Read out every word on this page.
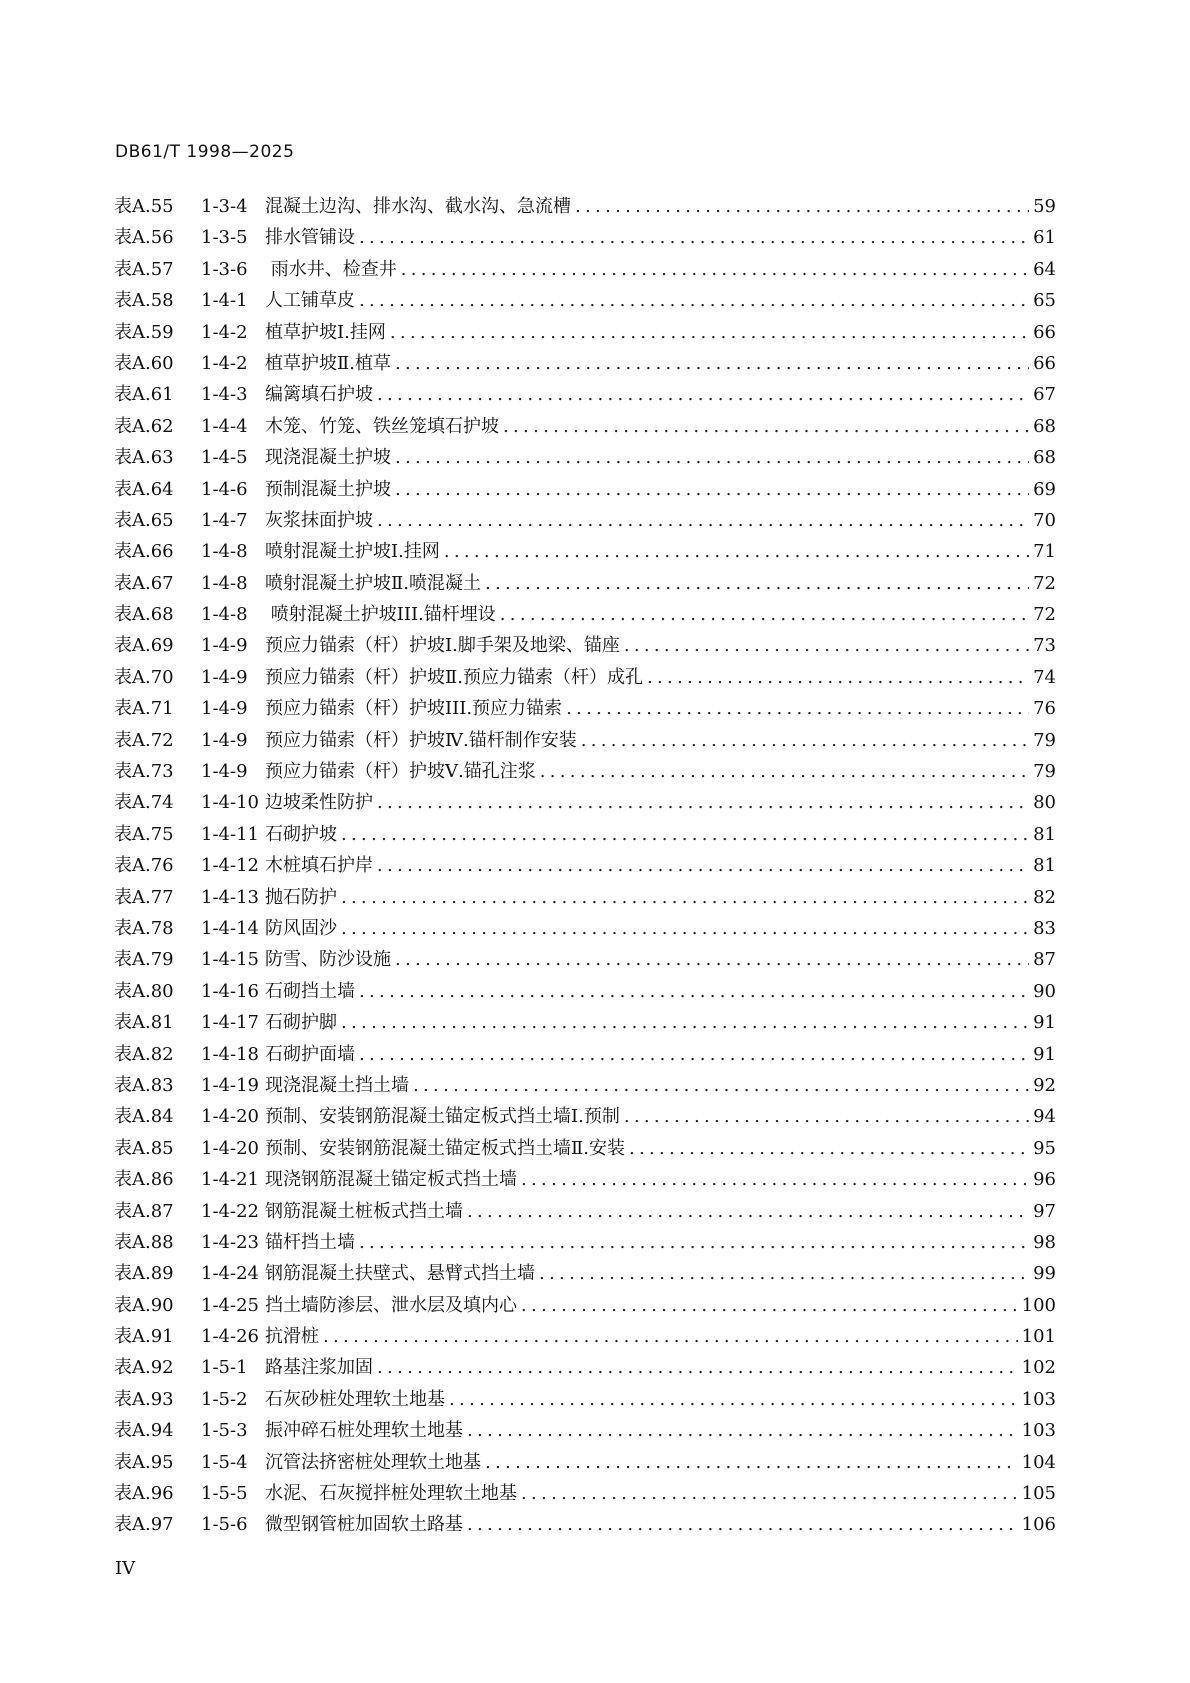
DB61/T 1998—2025
表A.55	1-3-4 混凝土边沟、排水沟、截水沟、急流槽 .....	59
表A.56	1-3-5 排水管铺设 .....	61
表A.57	1-3-6 雨水井、检查井 .....	64
表A.58	1-4-1 人工铺草皮 .....	65
表A.59	1-4-2 植草护坡Ⅰ.挂网 .....	66
表A.60	1-4-2 植草护坡Ⅱ.植草 .....	66
表A.61	1-4-3 编篱填石护坡 .....	67
表A.62	1-4-4 木笼、竹笼、铁丝笼填石护坡 .....	68
表A.63	1-4-5 现浇混凝土护坡 .....	68
表A.64	1-4-6 预制混凝土护坡 .....	69
表A.65	1-4-7 灰浆抹面护坡 .....	70
表A.66	1-4-8 喷射混凝土护坡Ⅰ.挂网 .....	71
表A.67	1-4-8 喷射混凝土护坡Ⅱ.喷混凝土 .....	72
表A.68	1-4-8 喷射混凝土护坡III.锚杆埋设 .....	72
表A.69	1-4-9 预应力锚索（杆）护坡Ⅰ.脚手架及地梁、锚座 .....	73
表A.70	1-4-9 预应力锚索（杆）护坡Ⅱ.预应力锚索（杆）成孔 .....	74
表A.71	1-4-9 预应力锚索（杆）护坡III.预应力锚索 .....	76
表A.72	1-4-9 预应力锚索（杆）护坡Ⅳ.锚杆制作安装 .....	79
表A.73	1-4-9 预应力锚索（杆）护坡Ⅴ.锚孔注浆 .....	79
表A.74	1-4-10 边坡柔性防护 .....	80
表A.75	1-4-11 石砌护坡 .....	81
表A.76	1-4-12 木桩填石护岸 .....	81
表A.77	1-4-13 抛石防护 .....	82
表A.78	1-4-14 防风固沙 .....	83
表A.79	1-4-15 防雪、防沙设施 .....	87
表A.80	1-4-16 石砌挡土墙 .....	90
表A.81	1-4-17 石砌护脚 .....	91
表A.82	1-4-18 石砌护面墙 .....	91
表A.83	1-4-19 现浇混凝土挡土墙 .....	92
表A.84	1-4-20 预制、安装钢筋混凝土锚定板式挡土墙Ⅰ.预制 .....	94
表A.85	1-4-20 预制、安装钢筋混凝土锚定板式挡土墙Ⅱ.安装 .....	95
表A.86	1-4-21 现浇钢筋混凝土锚定板式挡土墙 .....	96
表A.87	1-4-22 钢筋混凝土桩板式挡土墙 .....	97
表A.88	1-4-23 锚杆挡土墙 .....	98
表A.89	1-4-24 钢筋混凝土扶壁式、悬臂式挡土墙 .....	99
表A.90	1-4-25 挡土墙防渗层、泄水层及填内心 .....	100
表A.91	1-4-26 抗滑桩 .....	101
表A.92	1-5-1 路基注浆加固 .....	102
表A.93	1-5-2 石灰砂桩处理软土地基 .....	103
表A.94	1-5-3 振冲碎石桩处理软土地基 .....	103
表A.95	1-5-4 沉管法挤密桩处理软土地基 .....	104
表A.96	1-5-5 水泥、石灰搅拌桩处理软土地基 .....	105
表A.97	1-5-6 微型钢管桩加固软土路基 .....	106
IV
